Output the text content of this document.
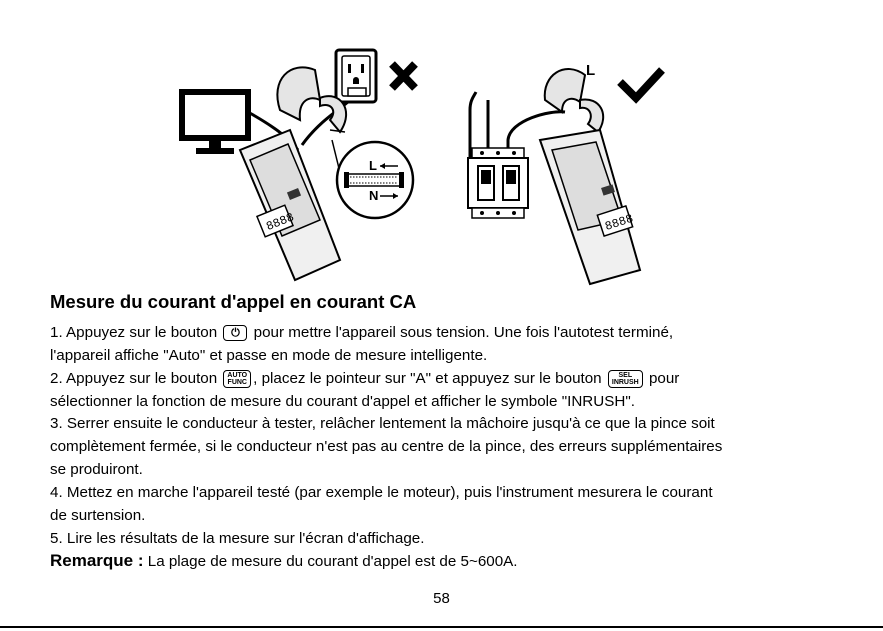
8888
L
N
L
8888
Mesure du courant d'appel en courant CA
1. Appuyez sur le bouton ⏻ pour mettre l'appareil sous tension. Une fois l'autotest terminé,
l'appareil affiche "Auto" et passe en mode de mesure intelligente.
2. Appuyez sur le bouton AUTO
FUNC , placez le pointeur sur "A" et appuyez sur le bouton SEL
INRUSH pour
sélectionner la fonction de mesure du courant d'appel et afficher le symbole "INRUSH".
3. Serrer ensuite le conducteur à tester, relâcher lentement la mâchoire jusqu'à ce que la pince soit
complètement fermée, si le conducteur n'est pas au centre de la pince, des erreurs supplémentaires
se produiront.
4. Mettez en marche l'appareil testé (par exemple le moteur), puis l'instrument mesurera le courant
de surtension.
5. Lire les résultats de la mesure sur l'écran d'affichage.
Remarque : La plage de mesure du courant d'appel est de 5~600A.
58
